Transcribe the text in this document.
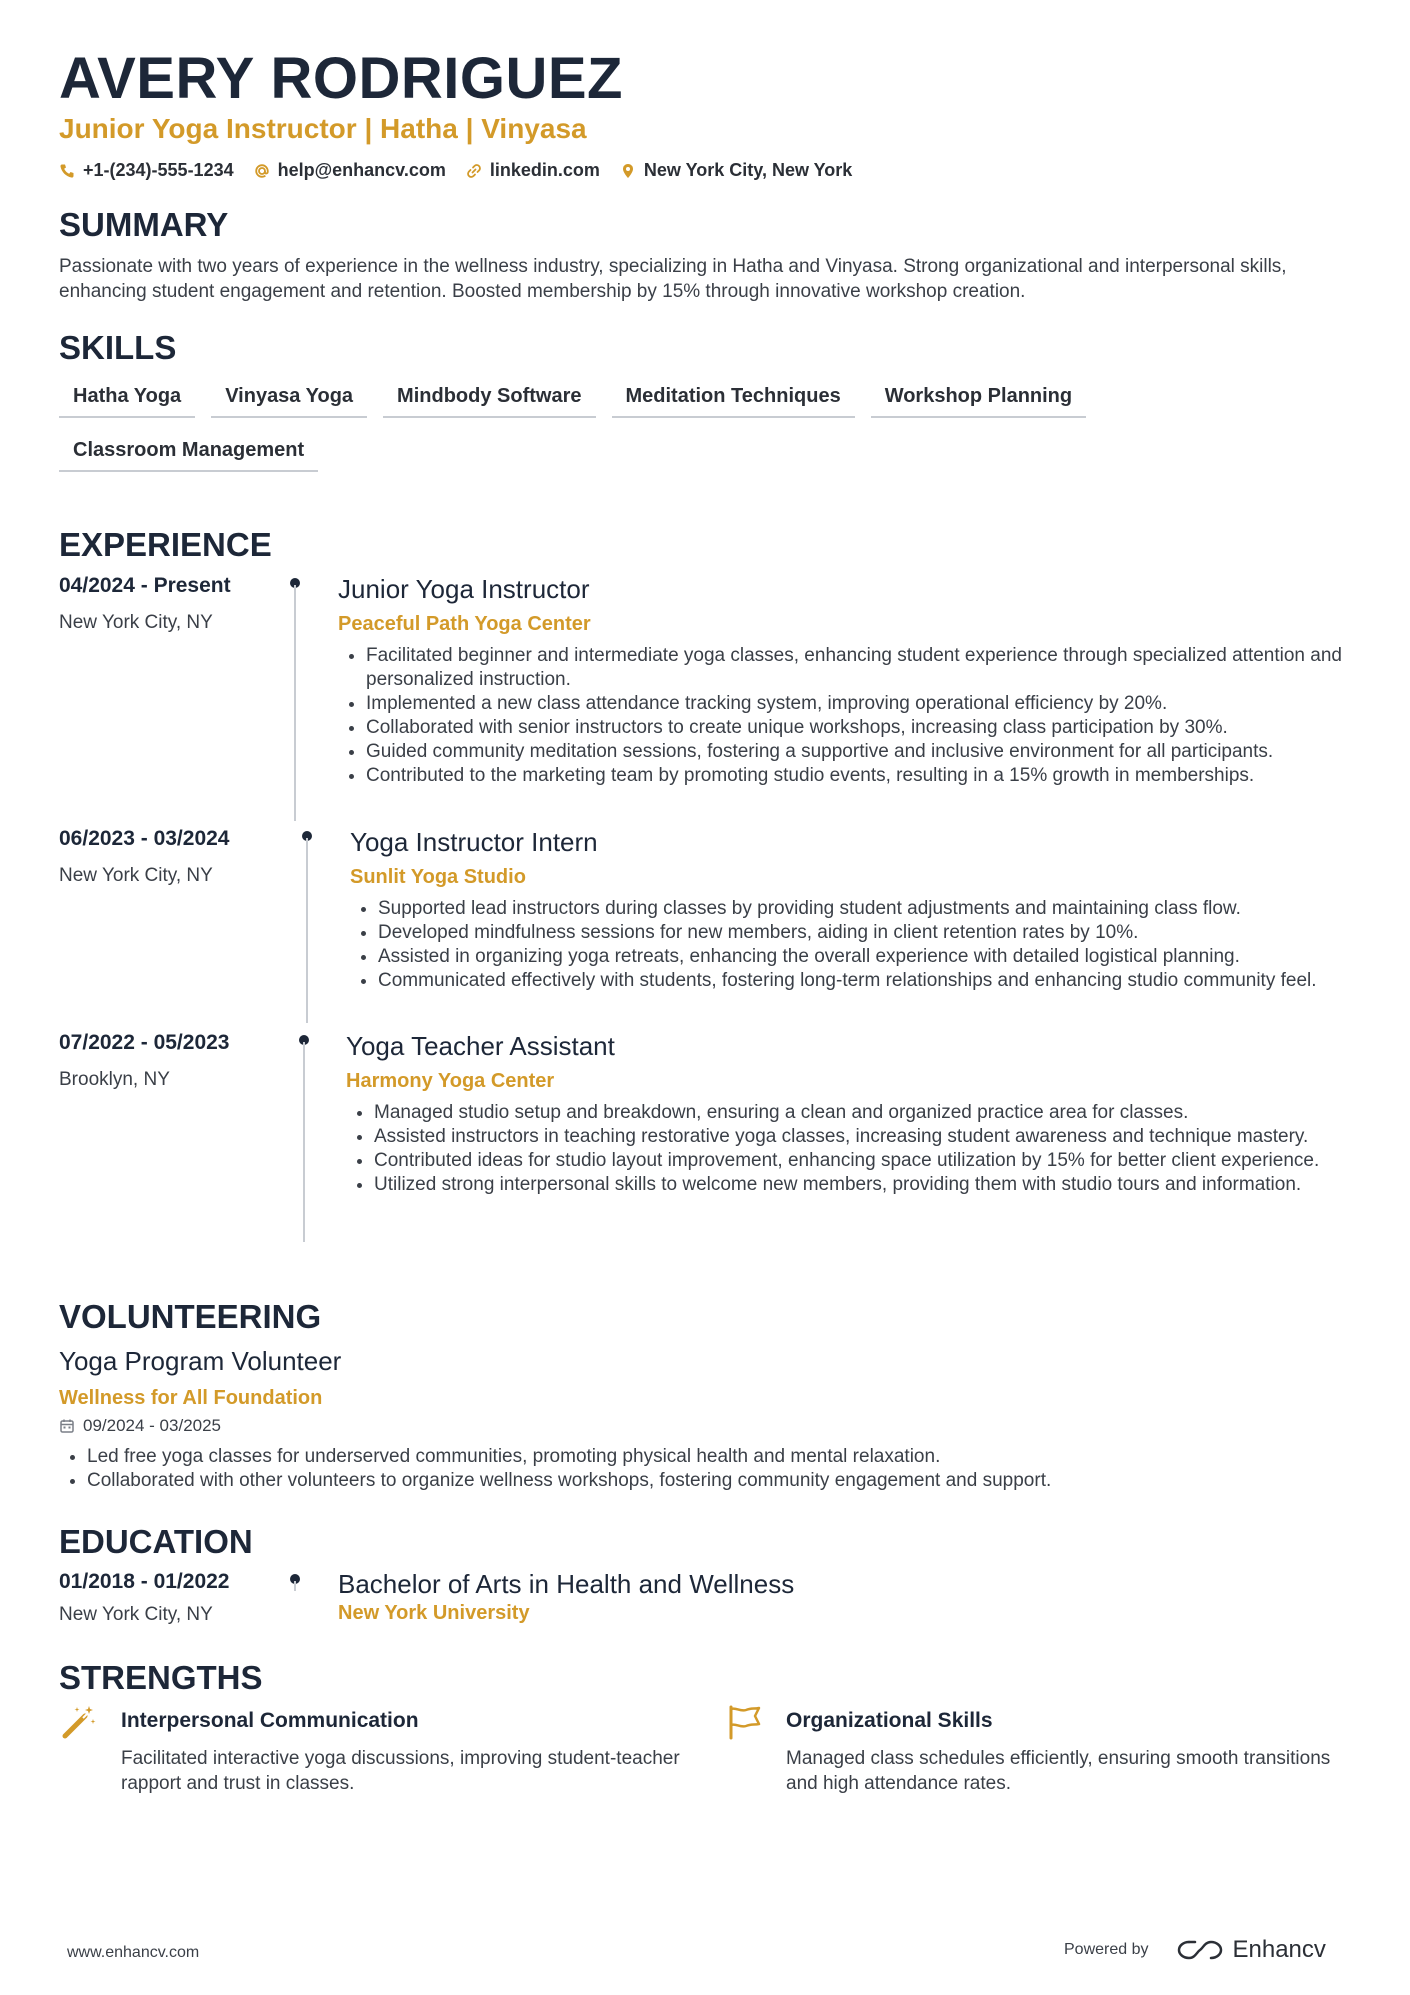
AVERY RODRIGUEZ
Junior Yoga Instructor | Hatha | Vinyasa
+1-(234)-555-1234 help@enhancv.com linkedin.com New York City, New York
SUMMARY
Passionate with two years of experience in the wellness industry, specializing in Hatha and Vinyasa. Strong organizational and interpersonal skills, enhancing student engagement and retention. Boosted membership by 15% through innovative workshop creation.
SKILLS
Hatha Yoga	Vinyasa Yoga	Mindbody Software	Meditation Techniques	Workshop Planning
Classroom Management
EXPERIENCE
04/2024 - Present
New York City, NY
Junior Yoga Instructor
Peaceful Path Yoga Center
• Facilitated beginner and intermediate yoga classes, enhancing student experience through specialized attention and personalized instruction.
• Implemented a new class attendance tracking system, improving operational efficiency by 20%.
• Collaborated with senior instructors to create unique workshops, increasing class participation by 30%.
• Guided community meditation sessions, fostering a supportive and inclusive environment for all participants.
• Contributed to the marketing team by promoting studio events, resulting in a 15% growth in memberships.
06/2023 - 03/2024
New York City, NY
Yoga Instructor Intern
Sunlit Yoga Studio
• Supported lead instructors during classes by providing student adjustments and maintaining class flow.
• Developed mindfulness sessions for new members, aiding in client retention rates by 10%.
• Assisted in organizing yoga retreats, enhancing the overall experience with detailed logistical planning.
• Communicated effectively with students, fostering long-term relationships and enhancing studio community feel.
07/2022 - 05/2023
Brooklyn, NY
Yoga Teacher Assistant
Harmony Yoga Center
• Managed studio setup and breakdown, ensuring a clean and organized practice area for classes.
• Assisted instructors in teaching restorative yoga classes, increasing student awareness and technique mastery.
• Contributed ideas for studio layout improvement, enhancing space utilization by 15% for better client experience.
• Utilized strong interpersonal skills to welcome new members, providing them with studio tours and information.
VOLUNTEERING
Yoga Program Volunteer
Wellness for All Foundation
09/2024 - 03/2025
• Led free yoga classes for underserved communities, promoting physical health and mental relaxation.
• Collaborated with other volunteers to organize wellness workshops, fostering community engagement and support.
EDUCATION
01/2018 - 01/2022
New York City, NY
Bachelor of Arts in Health and Wellness
New York University
STRENGTHS
Interpersonal Communication
Facilitated interactive yoga discussions, improving student-teacher rapport and trust in classes.
Organizational Skills
Managed class schedules efficiently, ensuring smooth transitions and high attendance rates.
www.enhancv.com	Powered by	Enhancv
